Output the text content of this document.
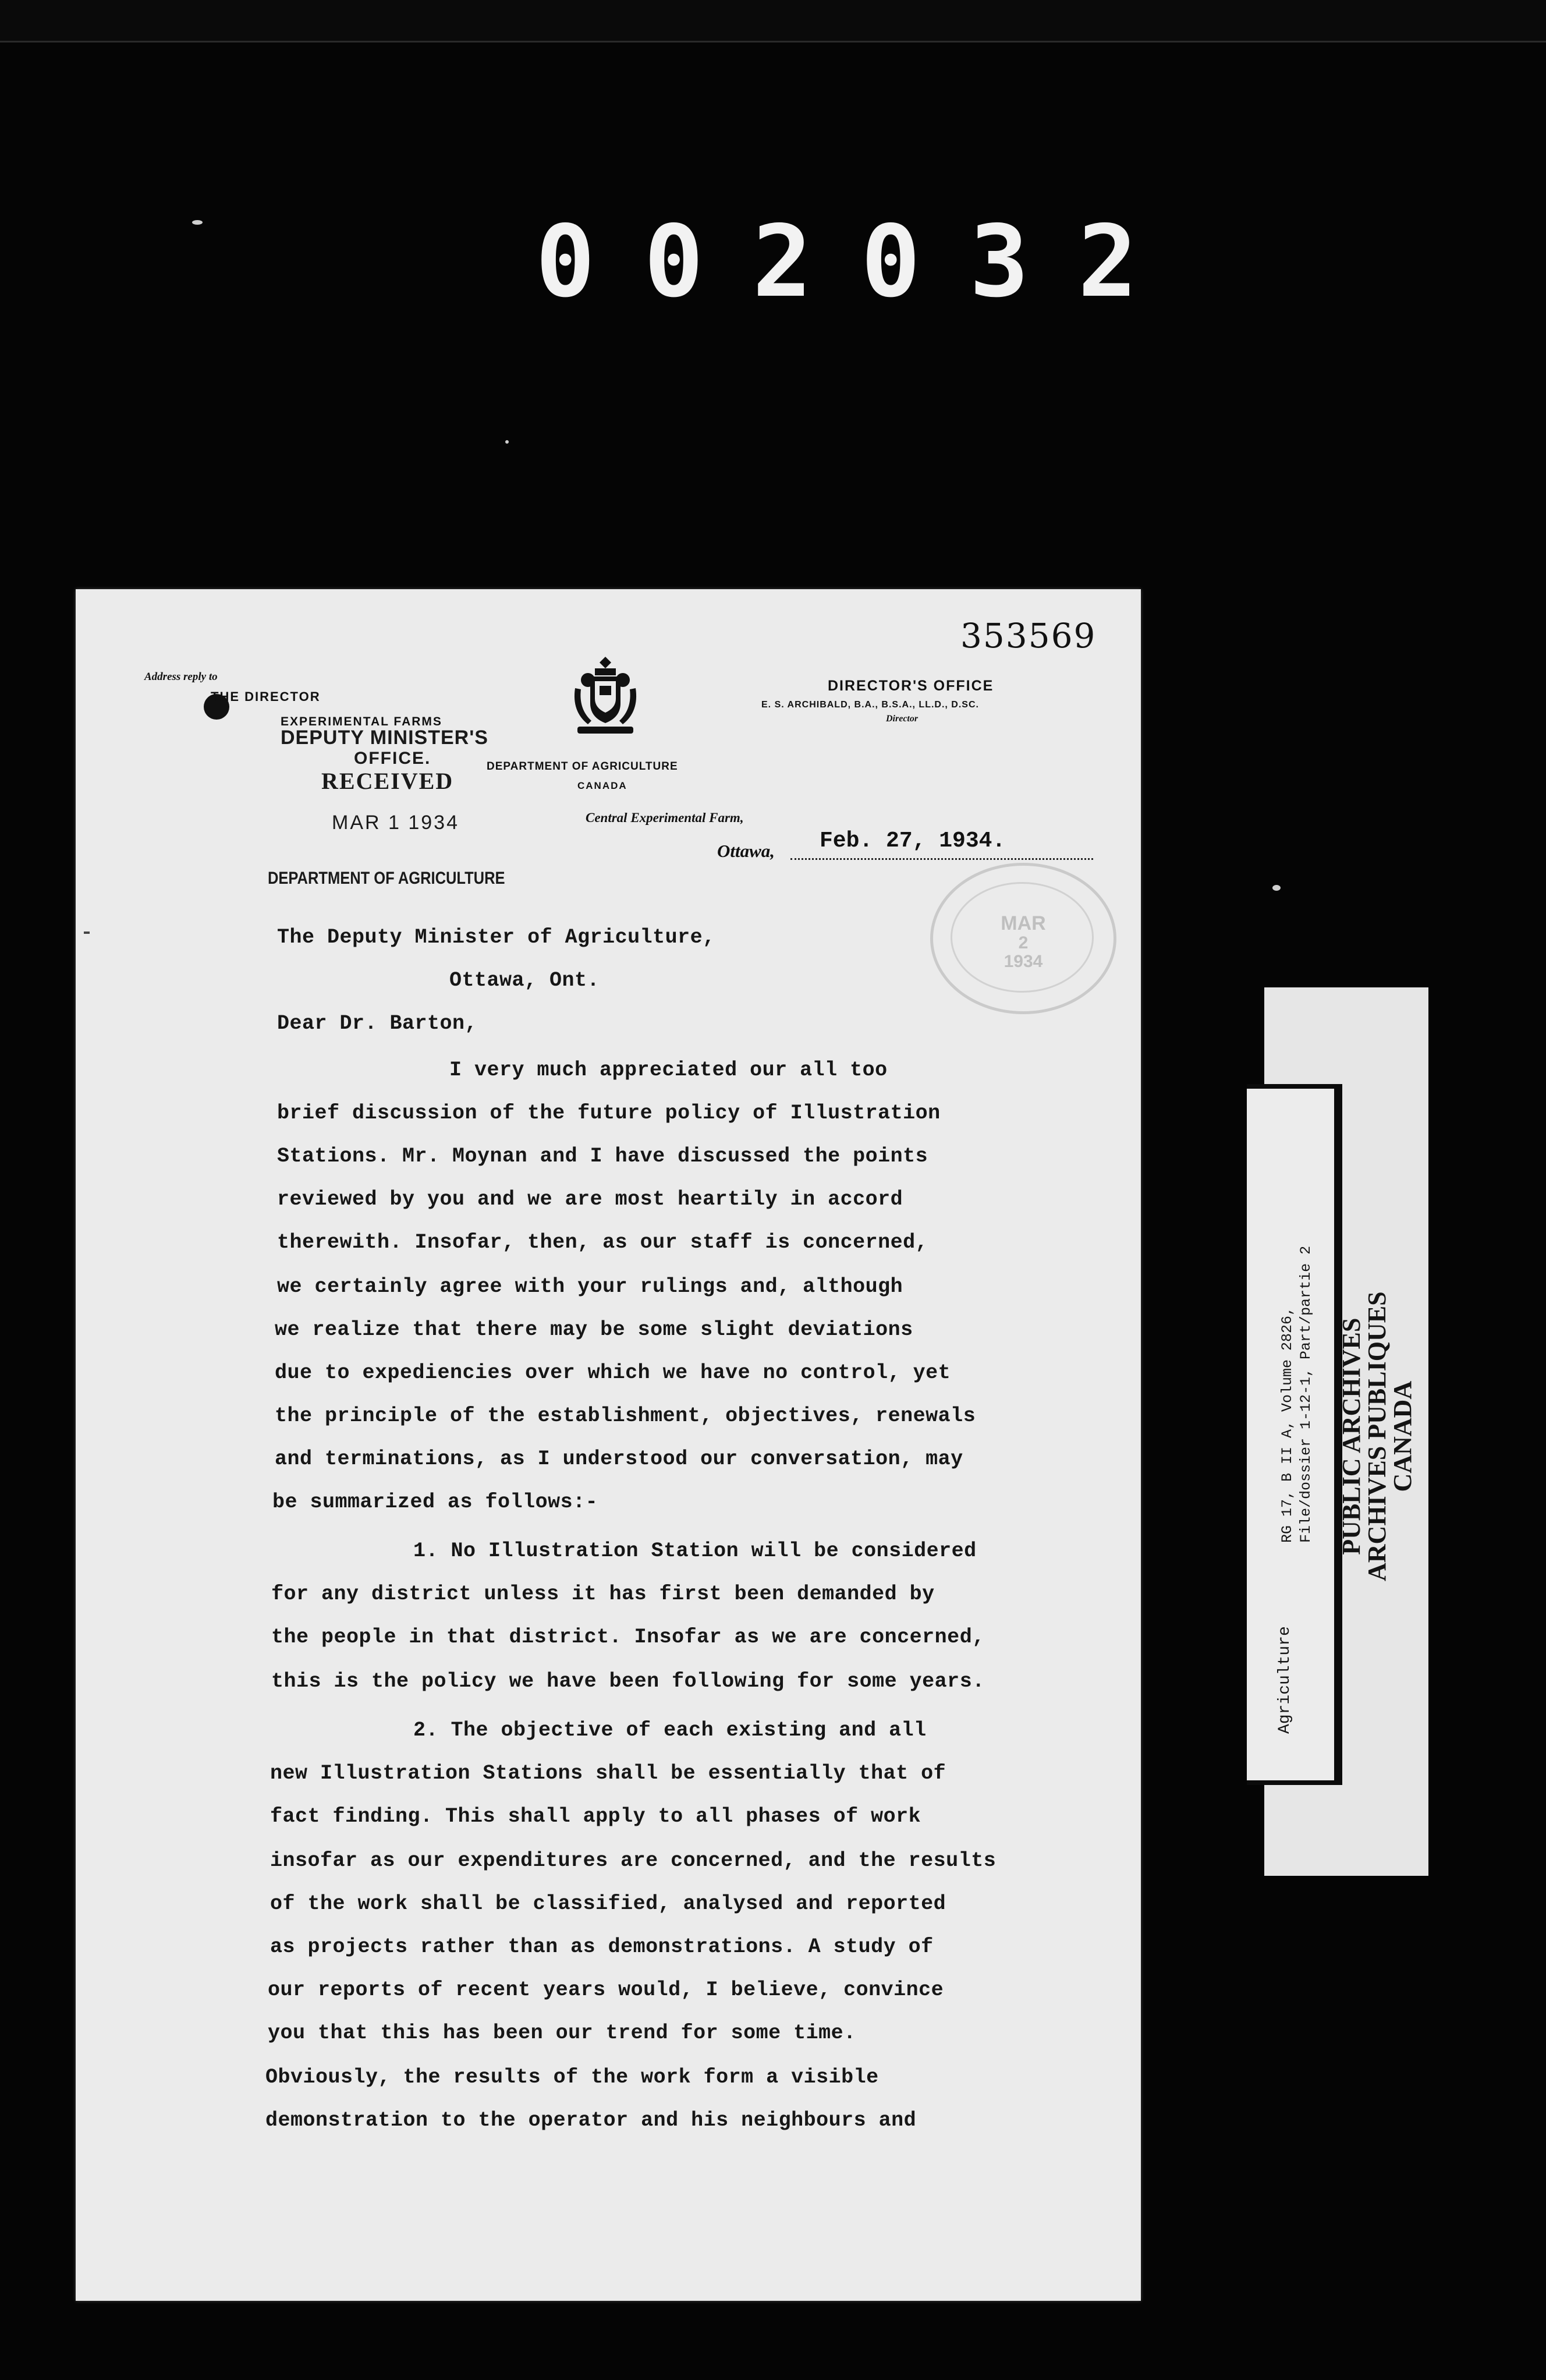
002032
353569
Address reply to
THE DIRECTOR
EXPERIMENTAL FARMS
DEPUTY MINISTER'S
OFFICE.
RECEIVED
MAR 1 1934
DEPARTMENT OF AGRICULTURE
DEPARTMENT OF AGRICULTURE
CANADA
DIRECTOR'S OFFICE
E. S. ARCHIBALD, B.A., B.S.A., LL.D., D.SC.
Director
Central Experimental Farm,
Ottawa,	Feb. 27, 1934.
MAR
2
1934
The Deputy Minister of Agriculture,
Ottawa, Ont.
Dear Dr. Barton,
I very much appreciated our all too
brief discussion of the future policy of Illustration
Stations. Mr. Moynan and I have discussed the points
reviewed by you and we are most heartily in accord
therewith. Insofar, then, as our staff is concerned,
we certainly agree with your rulings and, although
we realize that there may be some slight deviations
due to expediencies over which we have no control, yet
the principle of the establishment, objectives, renewals
and terminations, as I understood our conversation, may
be summarized as follows:-
1. No Illustration Station will be considered
for any district unless it has first been demanded by
the people in that district. Insofar as we are concerned,
this is the policy we have been following for some years.
2. The objective of each existing and all
new Illustration Stations shall be essentially that of
fact finding. This shall apply to all phases of work
insofar as our expenditures are concerned, and the results
of the work shall be classified, analysed and reported
as projects rather than as demonstrations. A study of
our reports of recent years would, I believe, convince
you that this has been our trend for some time.
Obviously, the results of the work form a visible
demonstration to the operator and his neighbours and
Agriculture
RG 17, B II A, Volume 2826, File/dossier 1-12-1, Part/partie 2 PUBLIC ARCHIVES
ARCHIVES PUBLIQUES
CANADA
